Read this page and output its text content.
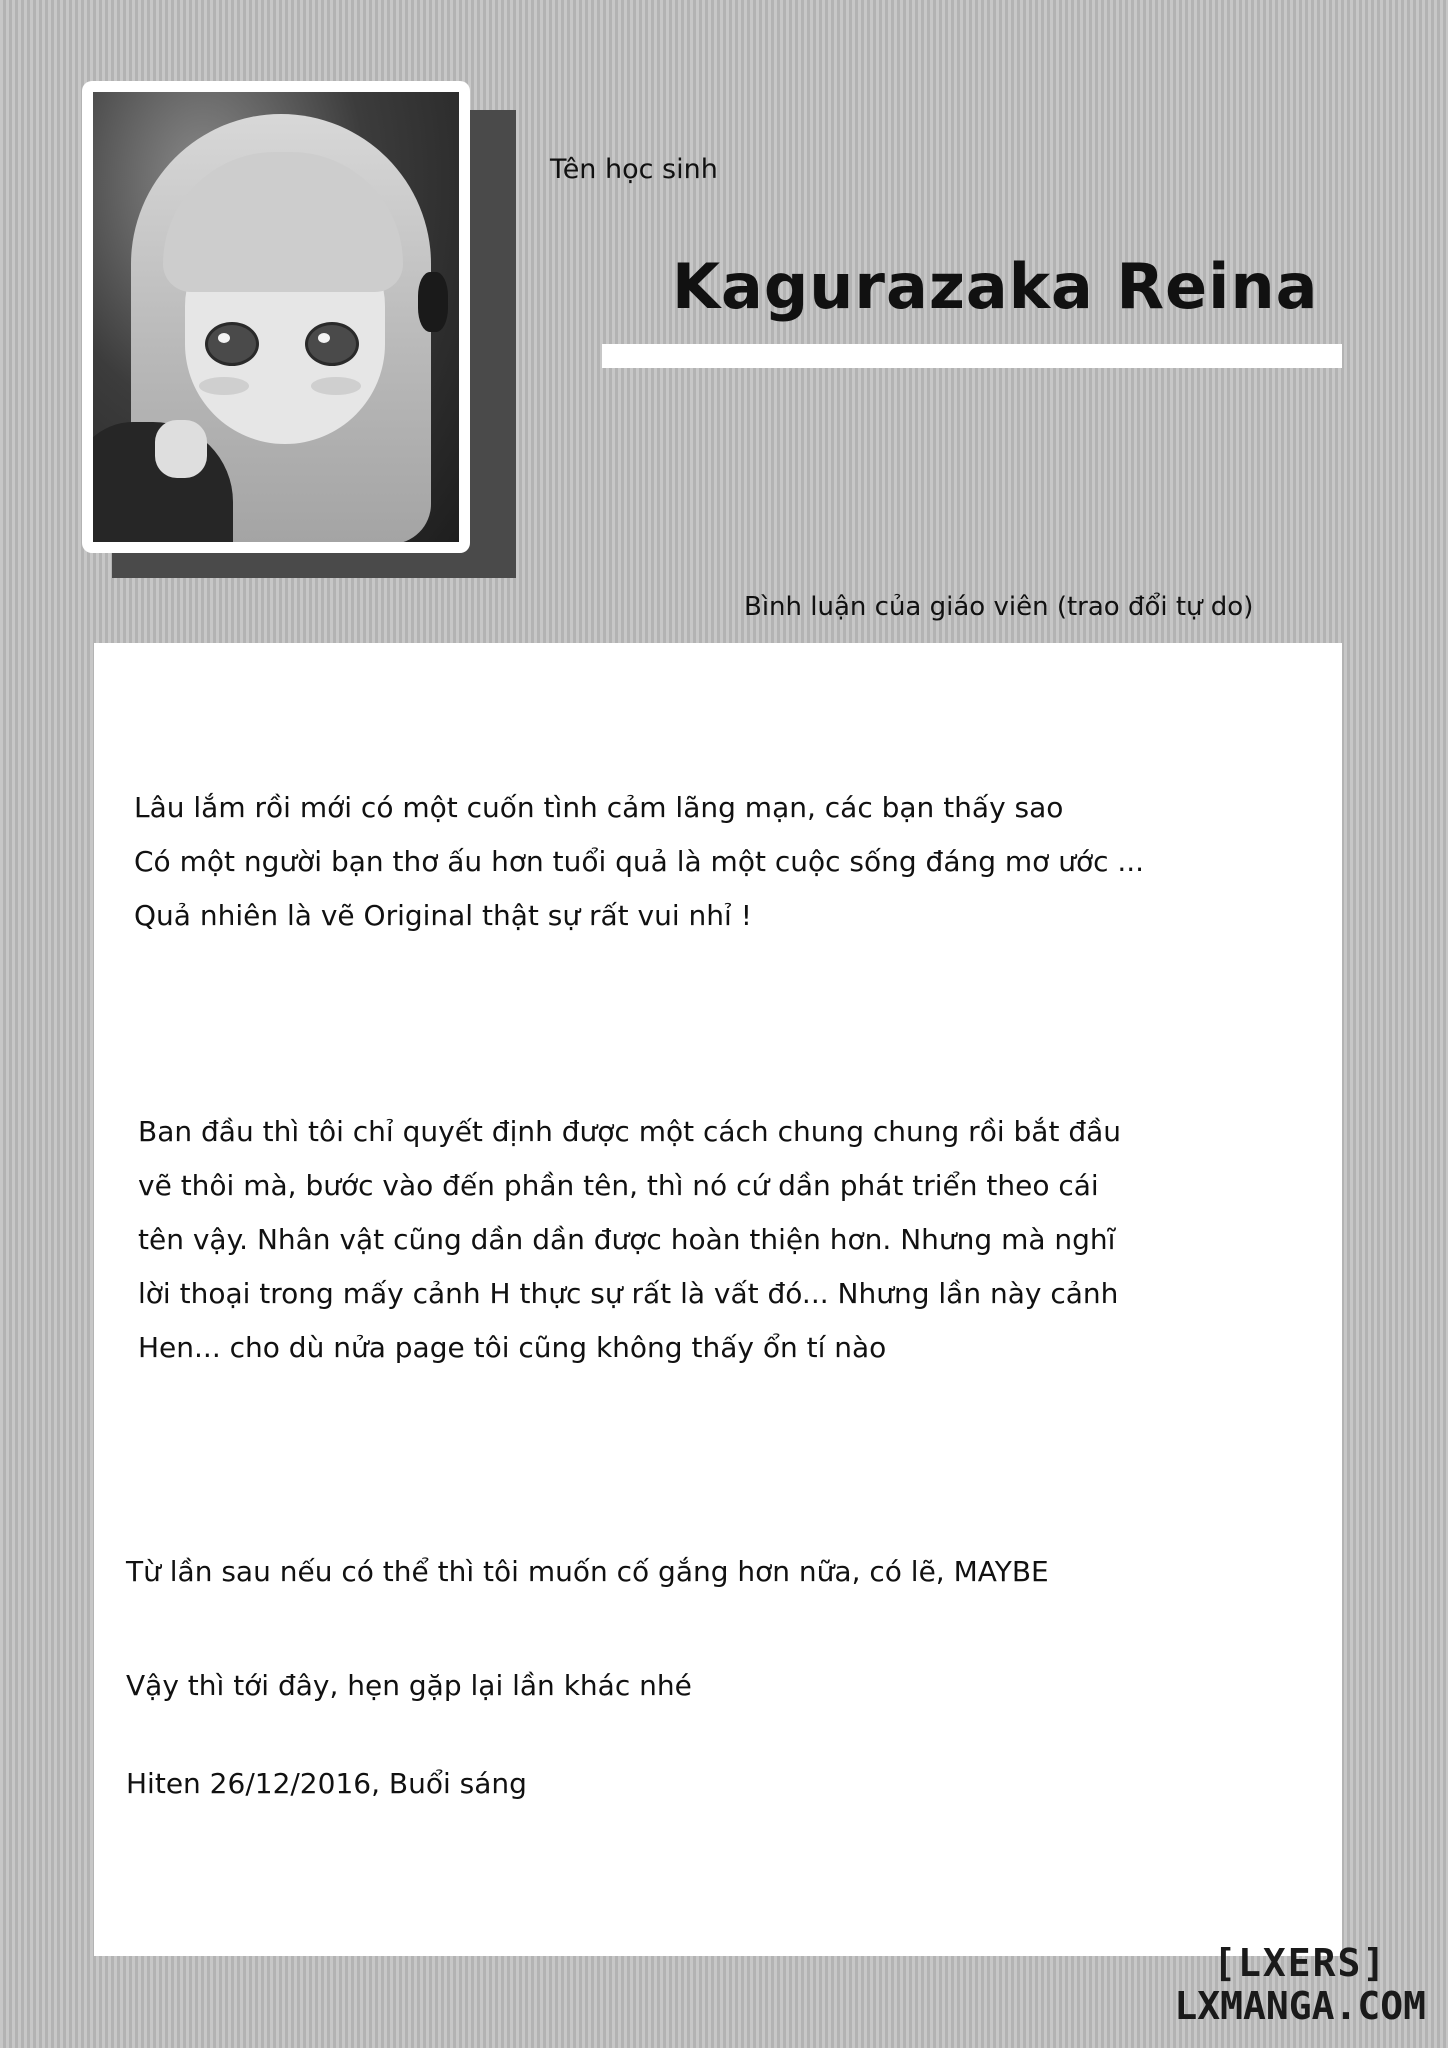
Tên học sinh
Kagurazaka Reina
Bình luận của giáo viên (trao đổi tự do)
Lâu lắm rồi mới có một cuốn tình cảm lãng mạn, các bạn thấy sao
Có một người bạn thơ ấu hơn tuổi quả là một cuộc sống đáng mơ ước ...
Quả nhiên là vẽ Original thật sự rất vui nhỉ !
Ban đầu thì tôi chỉ quyết định được một cách chung chung rồi bắt đầu
vẽ thôi mà, bước vào đến phần tên, thì nó cứ dần phát triển theo cái
tên vậy. Nhân vật cũng dần dần được hoàn thiện hơn. Nhưng mà nghĩ
lời thoại trong mấy cảnh H thực sự rất là vất đó... Nhưng lần này cảnh
Hen... cho dù nửa page tôi cũng không thấy ổn tí nào
Từ lần sau nếu có thể thì tôi muốn cố gắng hơn nữa, có lẽ, MAYBE
Vậy thì tới đây, hẹn gặp lại lần khác nhé
Hiten 26/12/2016, Buổi sáng
[LXERS]
LXMANGA.COM
